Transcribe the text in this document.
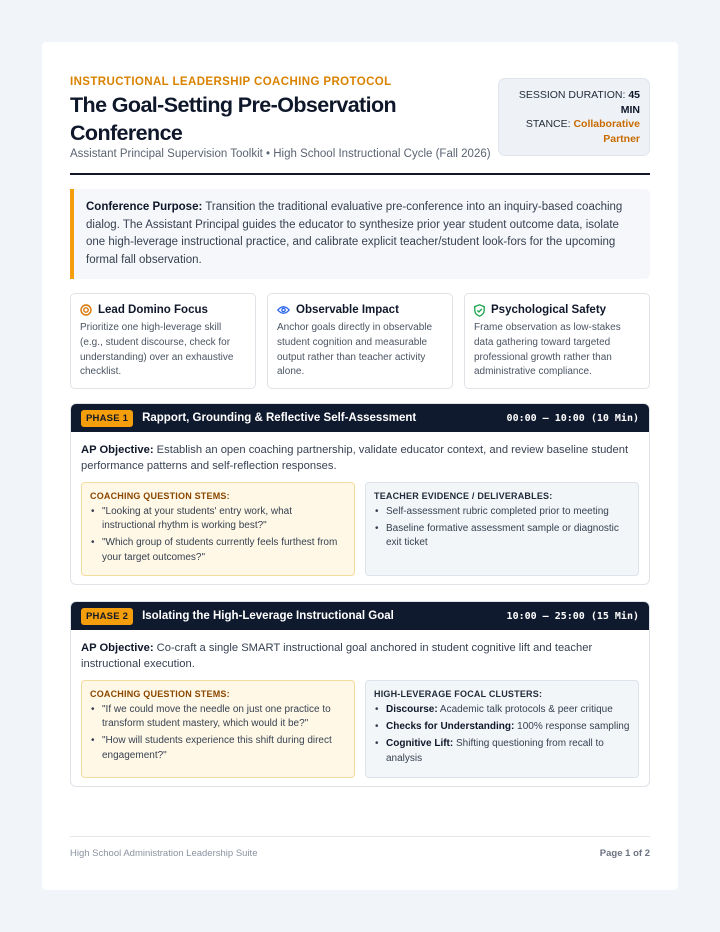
INSTRUCTIONAL LEADERSHIP COACHING PROTOCOL
The Goal-Setting Pre-Observation Conference
Assistant Principal Supervision Toolkit • High School Instructional Cycle (Fall 2026)
SESSION DURATION: 45
MIN
STANCE: Collaborative
Partner
Conference Purpose: Transition the traditional evaluative pre-conference into an inquiry-based coaching dialog. The Assistant Principal guides the educator to synthesize prior year student outcome data, isolate one high-leverage instructional practice, and calibrate explicit teacher/student look-fors for the upcoming formal fall observation.
Lead Domino Focus
Prioritize one high-leverage skill (e.g., student discourse, check for understanding) over an exhaustive checklist.
Observable Impact
Anchor goals directly in observable student cognition and measurable output rather than teacher activity alone.
Psychological Safety
Frame observation as low-stakes data gathering toward targeted professional growth rather than administrative compliance.
PHASE 1	Rapport, Grounding & Reflective Self-Assessment	00:00 – 10:00 (10 Min)
AP Objective: Establish an open coaching partnership, validate educator context, and review baseline student performance patterns and self-reflection responses.
COACHING QUESTION STEMS:
• "Looking at your students' entry work, what instructional rhythm is working best?"
• "Which group of students currently feels furthest from your target outcomes?"
TEACHER EVIDENCE / DELIVERABLES:
• Self-assessment rubric completed prior to meeting
• Baseline formative assessment sample or diagnostic exit ticket
PHASE 2	Isolating the High-Leverage Instructional Goal	10:00 – 25:00 (15 Min)
AP Objective: Co-craft a single SMART instructional goal anchored in student cognitive lift and teacher instructional execution.
COACHING QUESTION STEMS:
• "If we could move the needle on just one practice to transform student mastery, which would it be?"
• "How will students experience this shift during direct engagement?"
HIGH-LEVERAGE FOCAL CLUSTERS:
• Discourse: Academic talk protocols & peer critique
• Checks for Understanding: 100% response sampling
• Cognitive Lift: Shifting questioning from recall to analysis
High School Administration Leadership Suite	Page 1 of 2
